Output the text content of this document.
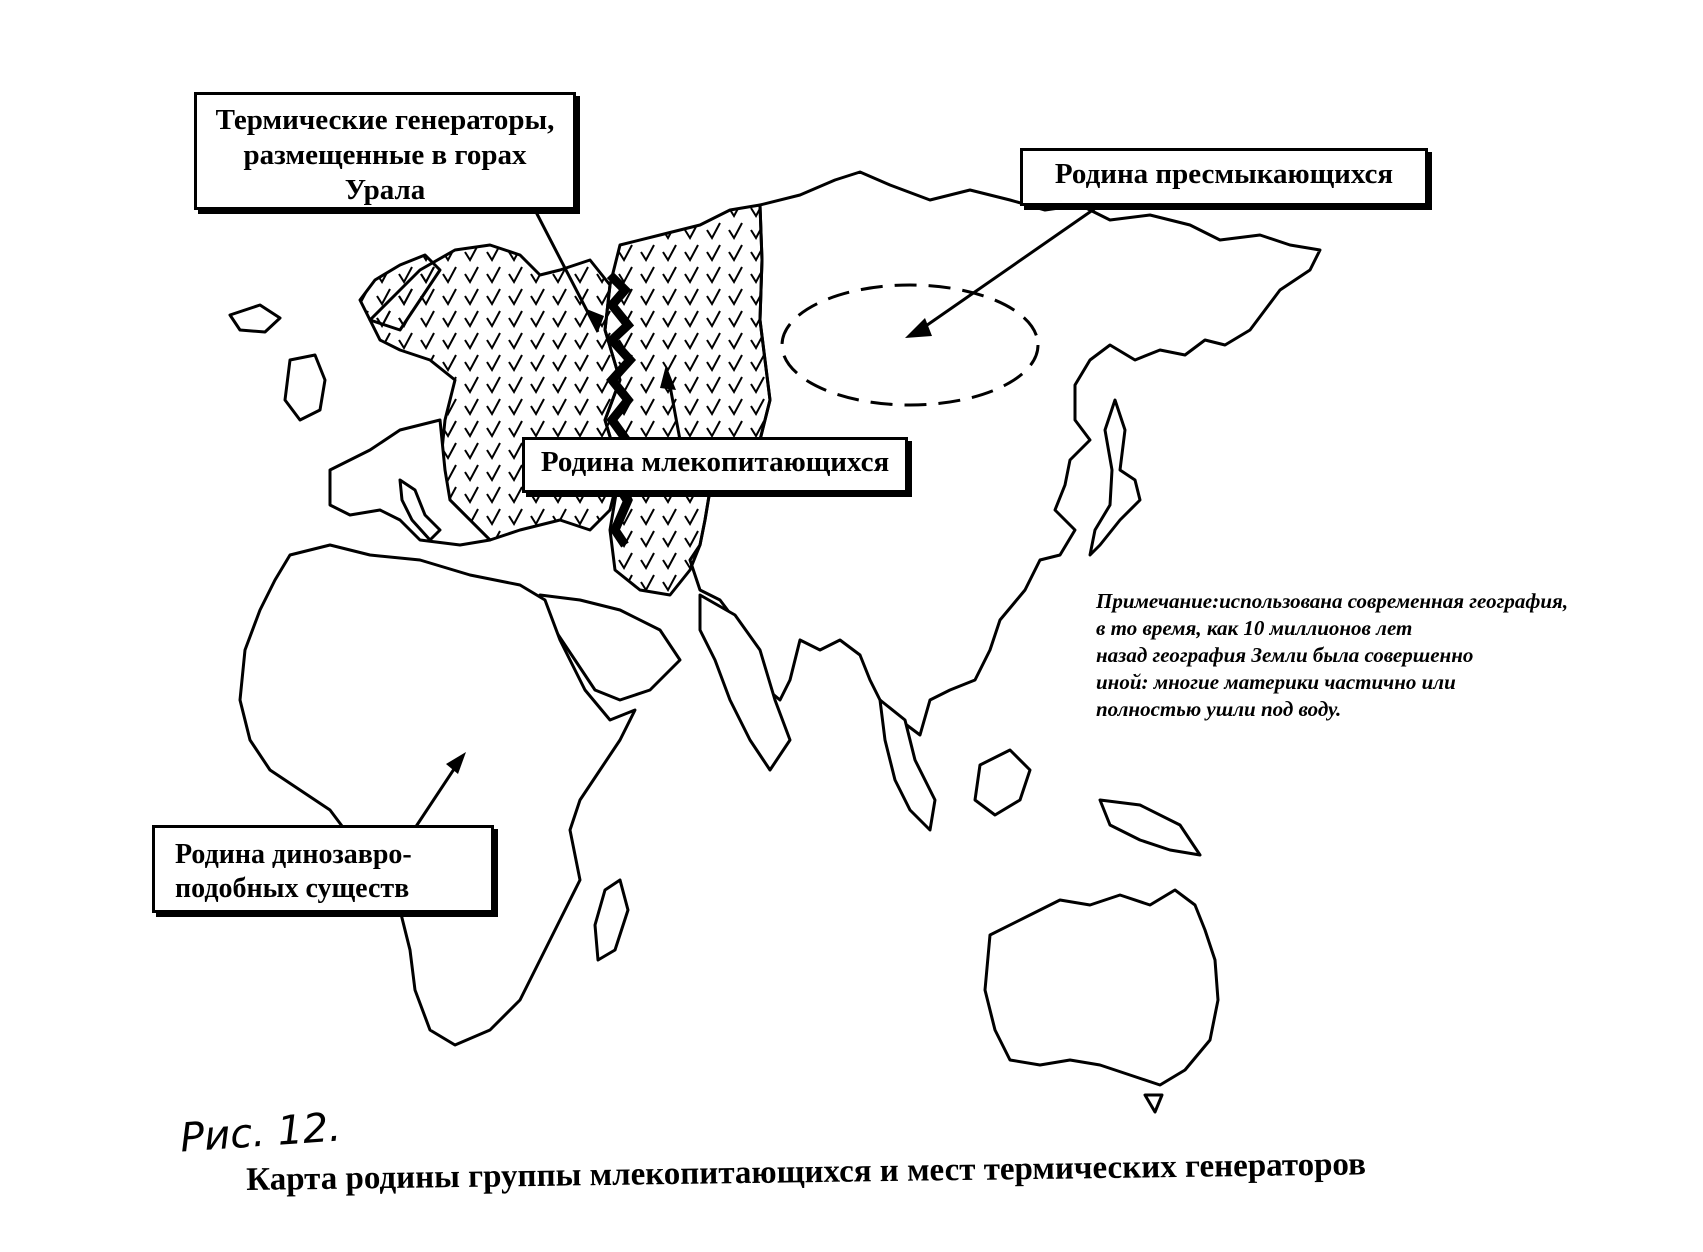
Термические генераторы,
размещенные в горах
Урала	Родина пресмыкающихся
Родина млекопитающихся
Родина динозавро-
подобных существ
Примечание:использована современная география,
в то время, как 10 миллионов лет
назад география Земли была совершенно
иной: многие материки частично или
полностью ушли под воду.
Рис. 12.
Карта родины группы млекопитающихся и мест термических генераторов
